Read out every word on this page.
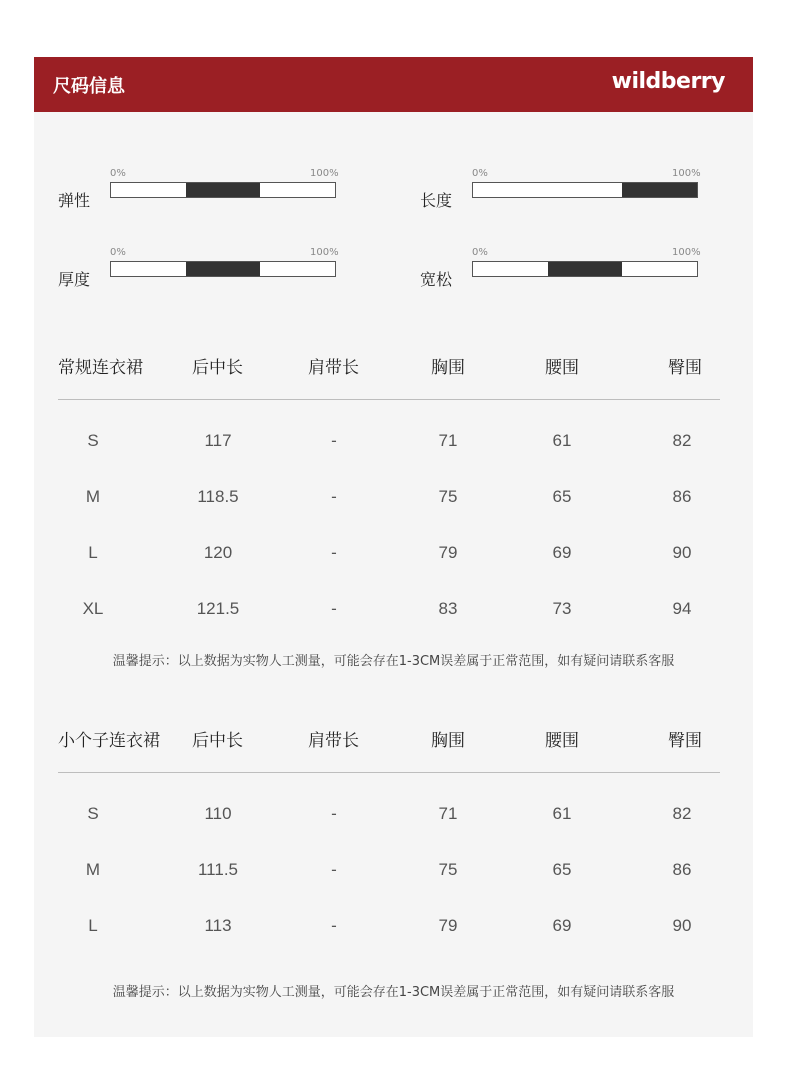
尺码信息	wildberry
弹性
0%	100%
长度
0%	100%
厚度
0%	100%
宽松
0%	100%
常规连衣裙	后中长	肩带长	胸围	腰围	臀围
S	117	-	71	61	82
M	118.5	-	75	65	86
L	120	-	79	69	90
XL	121.5	-	83	73	94
温馨提示：以上数据为实物人工测量，可能会存在1-3CM误差属于正常范围，如有疑问请联系客服
小个子连衣裙 后中长	肩带长	胸围	腰围	臀围
S	110	-	71	61	82
M	111.5	-	75	65	86
L	113	-	79	69	90
温馨提示：以上数据为实物人工测量，可能会存在1-3CM误差属于正常范围，如有疑问请联系客服
